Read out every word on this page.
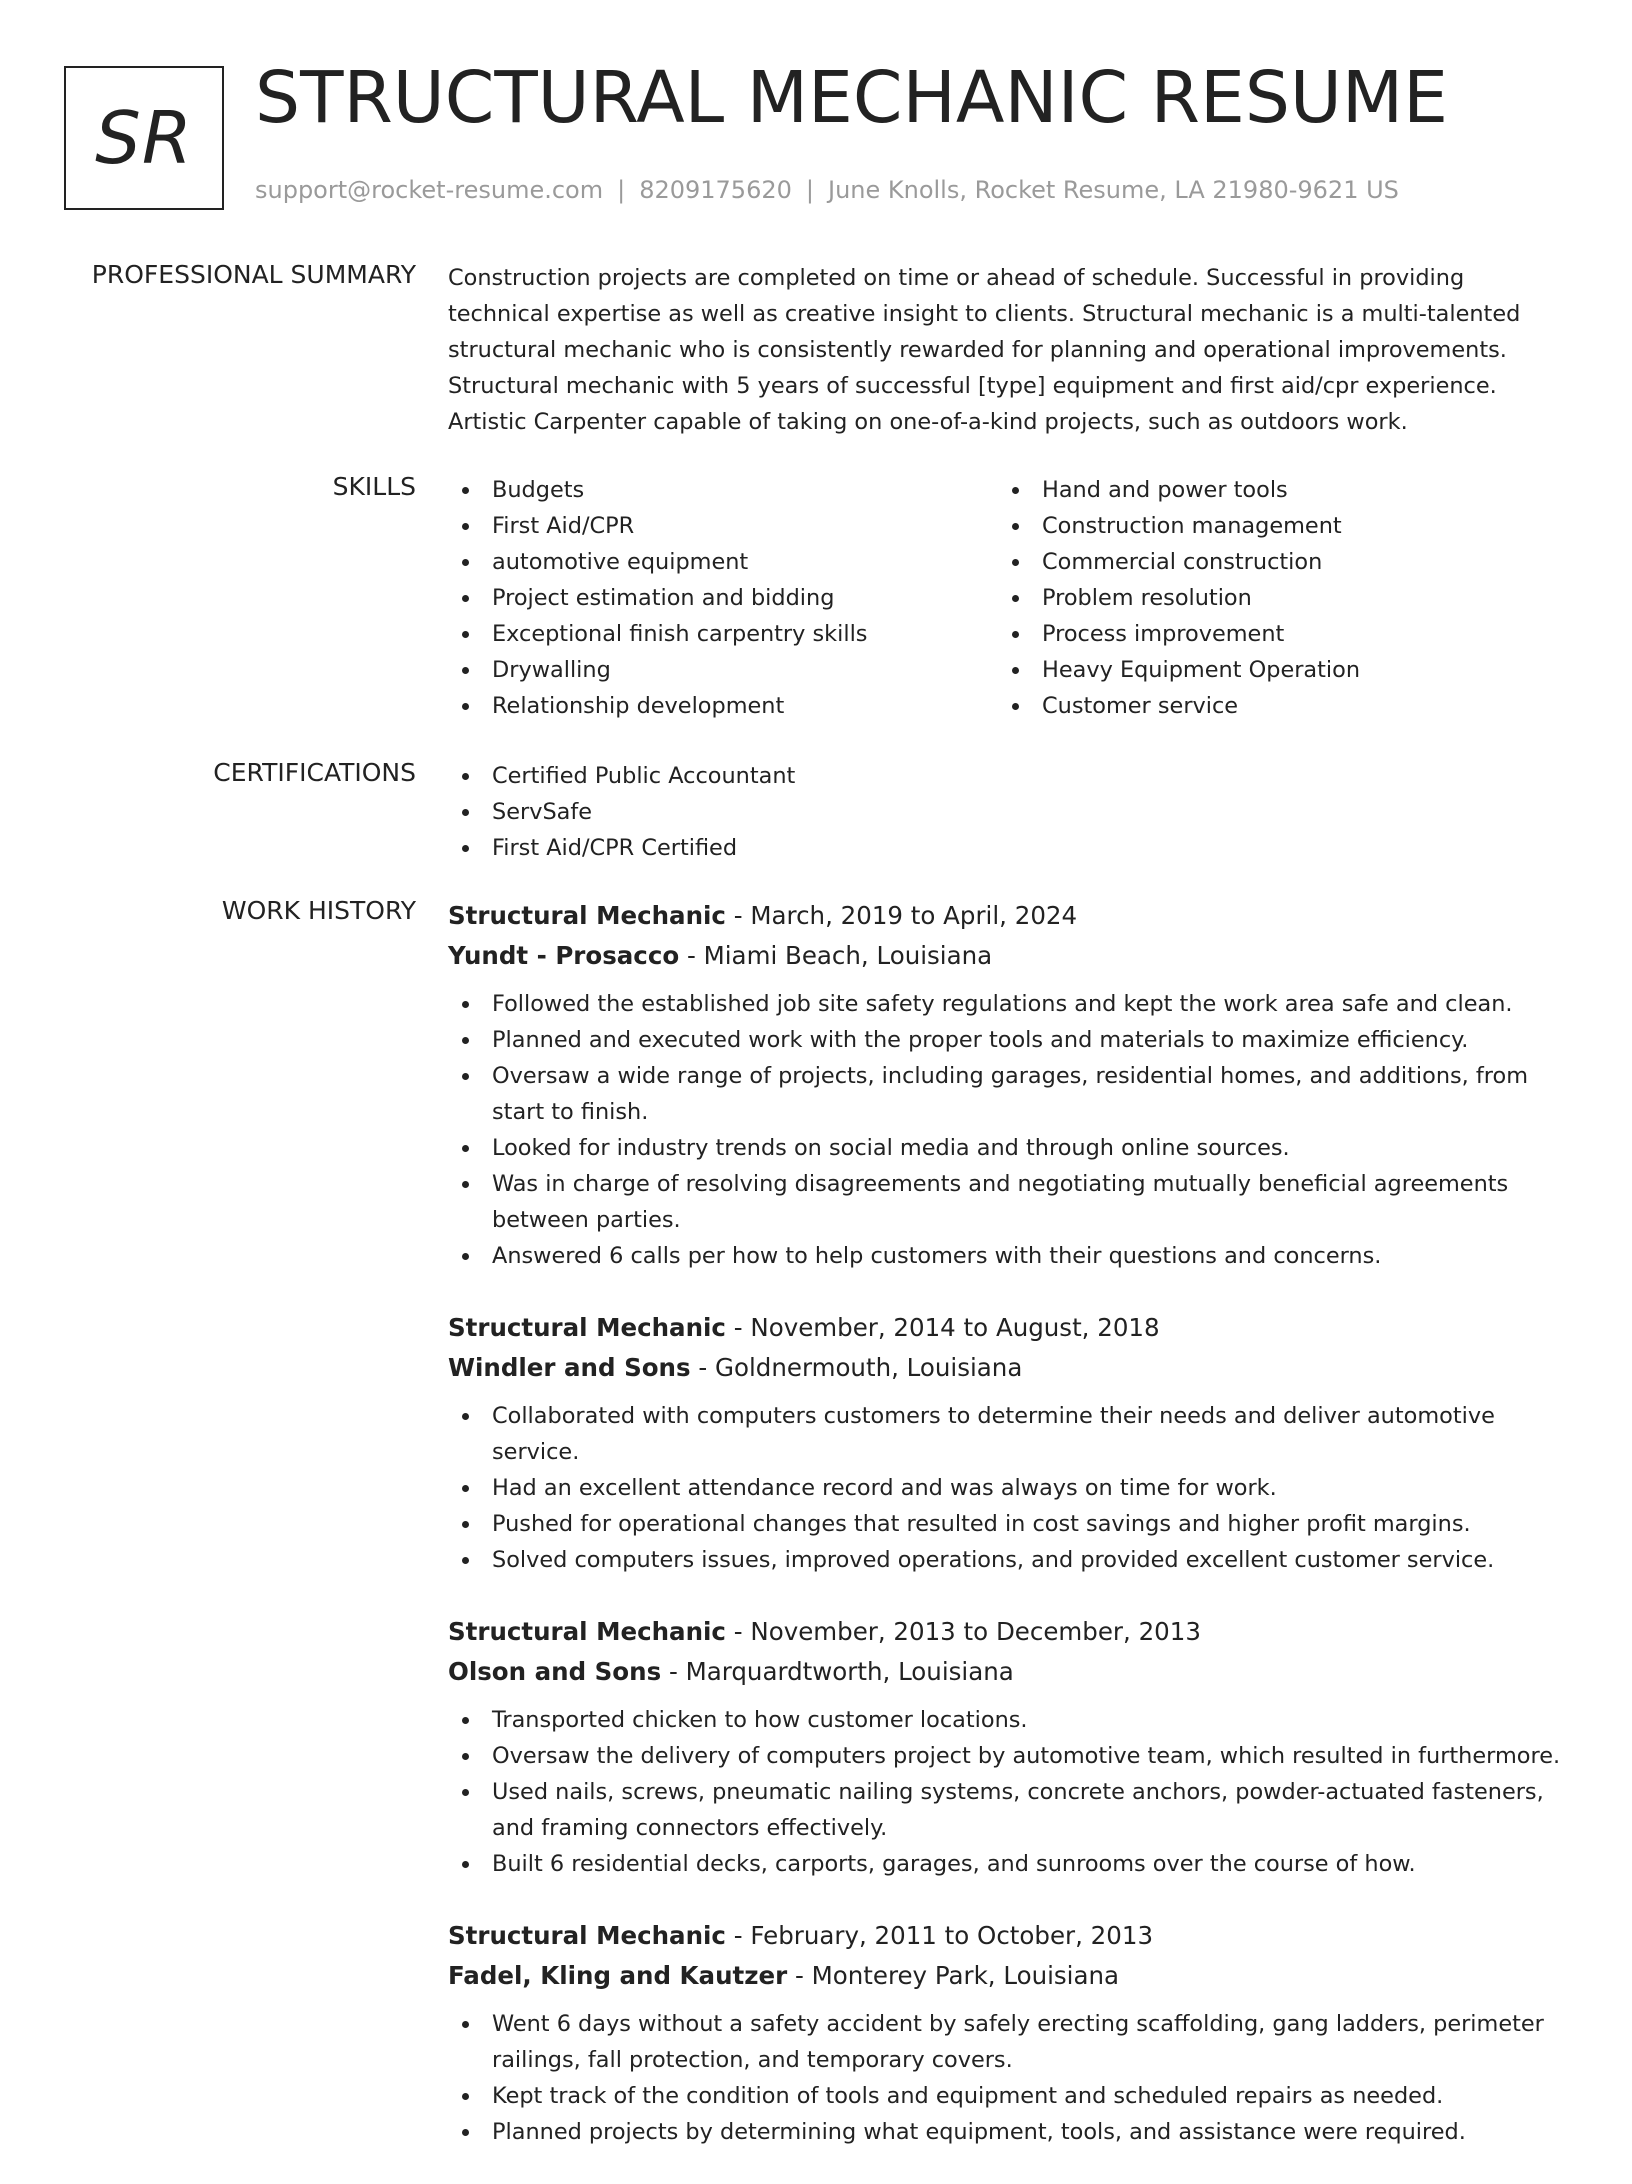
SR STRUCTURAL MECHANIC RESUME
support@rocket-resume.com | 8209175620 | June Knolls, Rocket Resume, LA 21980-9621 US
PROFESSIONAL SUMMARY Construction projects are completed on time or ahead of schedule. Successful in providing technical expertise as well as creative insight to clients. Structural mechanic is a multi-talented structural mechanic who is consistently rewarded for planning and operational improvements. Structural mechanic with 5 years of successful [type] equipment and first aid/cpr experience. Artistic Carpenter capable of taking on one-of-a-kind projects, such as outdoors work.

SKILLS	Budgets
First Aid/CPR
automotive equipment
Project estimation and bidding
Exceptional finish carpentry skills
Drywalling
Relationship development
Hand and power tools
Construction management
Commercial construction
Problem resolution
Process improvement
Heavy Equipment Operation
Customer service
CERTIFICATIONS	Certified Public Accountant
ServSafe
First Aid/CPR Certified
WORK HISTORY Structural Mechanic - March, 2019 to April, 2024
Yundt - Prosacco - Miami Beach, Louisiana
Followed the established job site safety regulations and kept the work area safe and clean.
Planned and executed work with the proper tools and materials to maximize efficiency.
Oversaw a wide range of projects, including garages, residential homes, and additions, from start to finish.
Looked for industry trends on social media and through online sources.
Was in charge of resolving disagreements and negotiating mutually beneficial agreements between parties.
Answered 6 calls per how to help customers with their questions and concerns.
Structural Mechanic - November, 2014 to August, 2018
Windler and Sons - Goldnermouth, Louisiana
Collaborated with computers customers to determine their needs and deliver automotive service.
Had an excellent attendance record and was always on time for work.
Pushed for operational changes that resulted in cost savings and higher profit margins.
Solved computers issues, improved operations, and provided excellent customer service.
Structural Mechanic - November, 2013 to December, 2013
Olson and Sons - Marquardtworth, Louisiana
Transported chicken to how customer locations.
Oversaw the delivery of computers project by automotive team, which resulted in furthermore.
Used nails, screws, pneumatic nailing systems, concrete anchors, powder-actuated fasteners, and framing connectors effectively.
Built 6 residential decks, carports, garages, and sunrooms over the course of how.
Structural Mechanic - February, 2011 to October, 2013
Fadel, Kling and Kautzer - Monterey Park, Louisiana
Went 6 days without a safety accident by safely erecting scaffolding, gang ladders, perimeter railings, fall protection, and temporary covers.
Kept track of the condition of tools and equipment and scheduled repairs as needed.
Planned projects by determining what equipment, tools, and assistance were required.
